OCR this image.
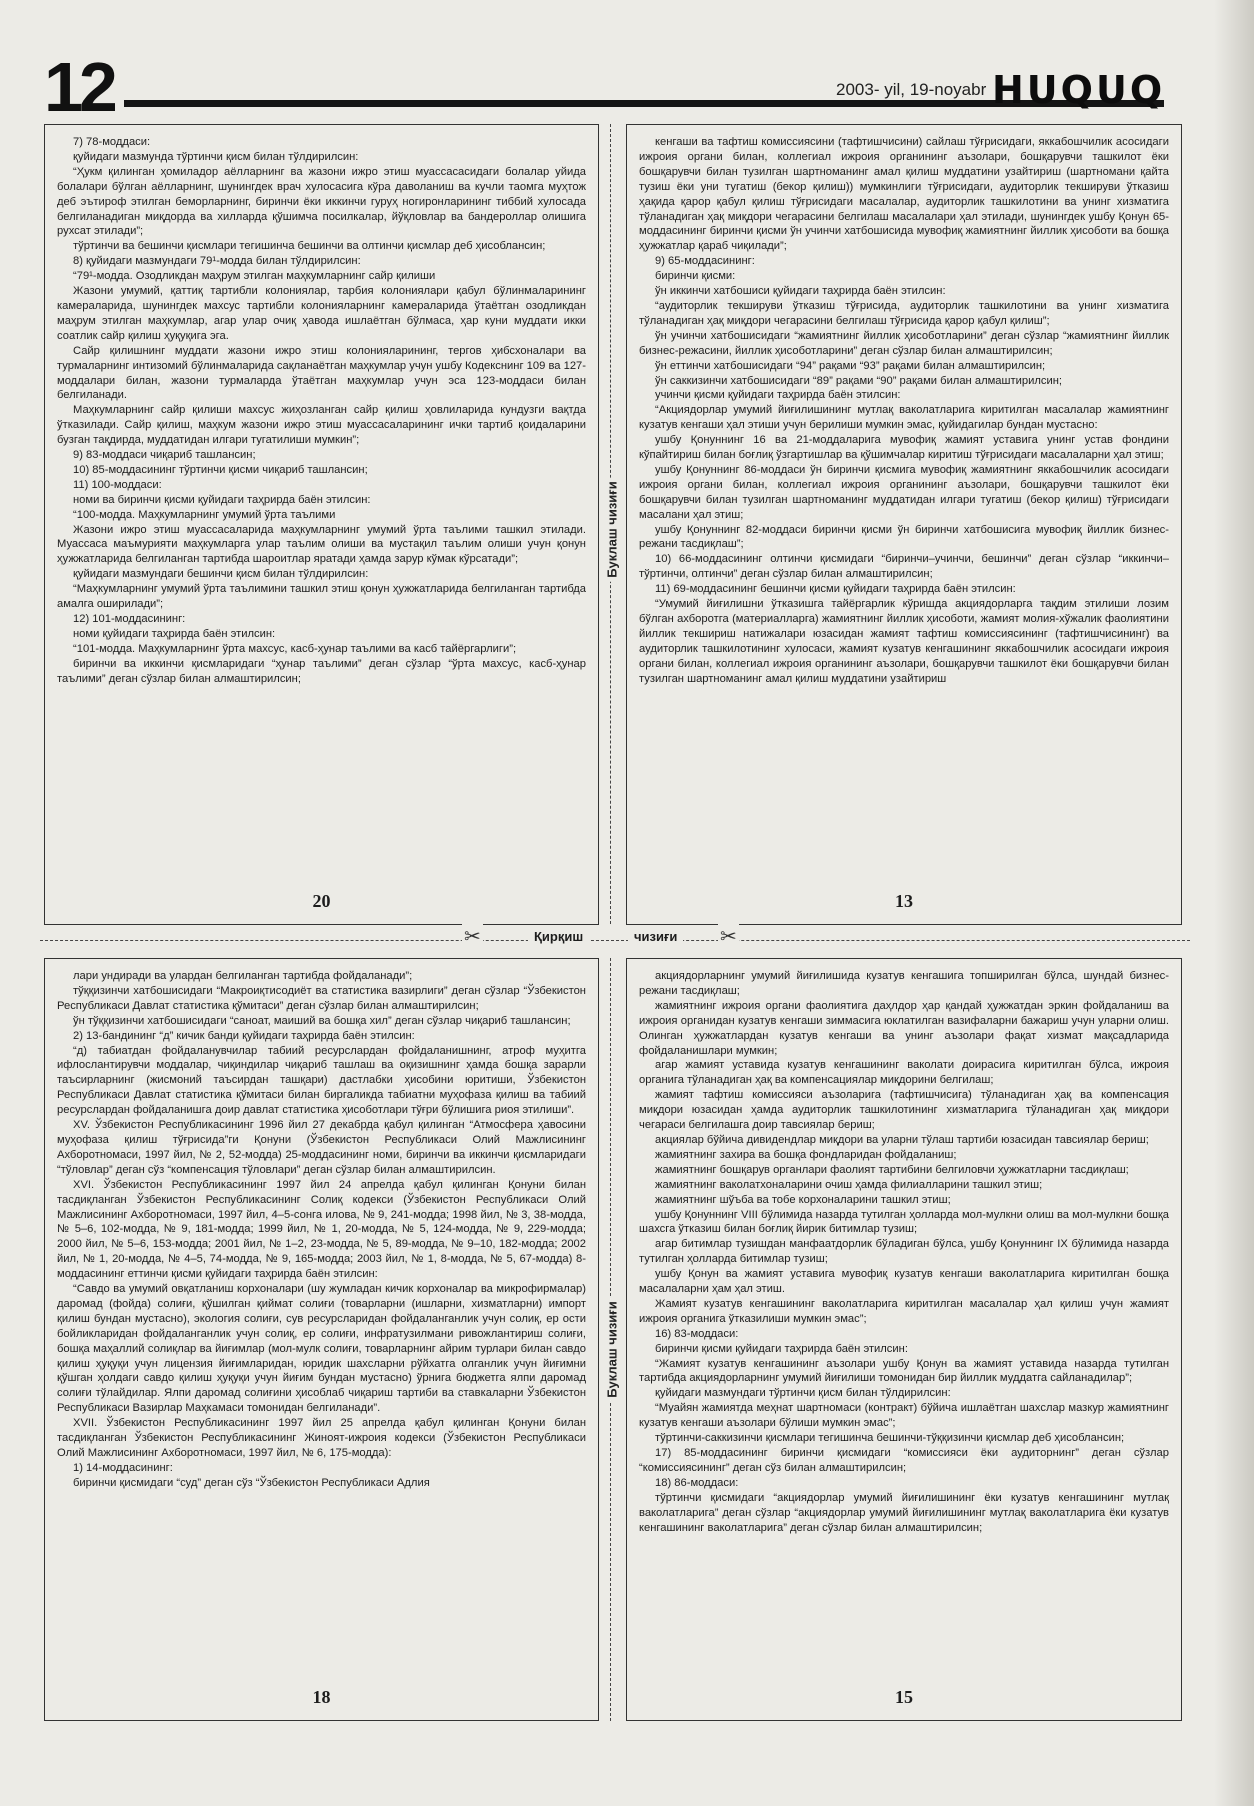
12	2003- yil, 19-noyabr HUQUQ

7) 78-моддаси:

қуйидаги мазмунда тўртинчи қисм билан тўлдирилсин:

“Ҳукм қилинган ҳомиладор аёлларнинг ва жазони ижро этиш муассасасидаги болалар уйида болалари бўлган аёлларнинг, шунингдек врач хулосасига кўра даволаниш ва кучли таомга муҳтож деб эътироф этилган беморларнинг, биринчи ёки иккинчи гуруҳ ногиронларининг тиббий хулосада белгиланадиган миқдорда ва хилларда қўшимча посилкалар, йўқловлар ва бандероллар олишига рухсат этилади”;

тўртинчи ва бешинчи қисмлари тегишинча бешинчи ва олтинчи қисмлар деб ҳисоблансин;

8) қуйидаги мазмундаги 79¹-модда билан тўлдирилсин:

“79¹-модда. Озодликдан маҳрум этилган маҳкумларнинг сайр қилиши

Жазони умумий, қаттиқ тартибли колониялар, тарбия колониялари қабул бўлинмаларининг камераларида, шунингдек махсус тартибли колонияларнинг камераларида ўтаётган озодликдан маҳрум этилган маҳкумлар, агар улар очиқ ҳавода ишлаётган бўлмаса, ҳар куни муддати икки соатлик сайр қилиш ҳуқуқига эга.

Сайр қилишнинг муддати жазони ижро этиш колонияларининг, тергов ҳибсхоналари ва турмаларнинг интизомий бўлинмаларида сақланаётган маҳкумлар учун ушбу Кодекснинг 109 ва 127-моддалари билан, жазони турмаларда ўтаётган маҳкумлар учун эса 123-моддаси билан белгиланади.

Маҳкумларнинг сайр қилиши махсус жиҳозланган сайр қилиш ҳовлиларида кундузги вақтда ўтказилади. Сайр қилиш, маҳкум жазони ижро этиш муассасаларининг ички тартиб қоидаларини бузган тақдирда, муддатидан илгари тугатилиши мумкин”;

9) 83-моддаси чиқариб ташлансин;

10) 85-моддасининг тўртинчи қисми чиқариб ташлансин;

11) 100-моддаси:

номи ва биринчи қисми қуйидаги таҳрирда баён этилсин:

“100-модда. Маҳкумларнинг умумий ўрта таълими

Жазони ижро этиш муассасаларида маҳкумларнинг умумий ўрта таълими ташкил этилади. Муассаса маъмурияти маҳкумларга улар таълим олиши ва мустақил таълим олиши учун қонун ҳужжатларида белгиланган тартибда шароитлар яратади ҳамда зарур кўмак кўрсатади”;

қуйидаги мазмундаги бешинчи қисм билан тўлдирилсин:

“Маҳкумларнинг умумий ўрта таълимини ташкил этиш қонун ҳужжатларида белгиланган тартибда амалга оширилади”;

12) 101-моддасининг:

номи қуйидаги таҳрирда баён этилсин:

“101-модда. Маҳкумларнинг ўрта махсус, касб-ҳунар таълими ва касб тайёргарлиги”;

биринчи ва иккинчи қисмларидаги “ҳунар таълими” деган сўзлар “ўрта махсус, касб-ҳунар таълими” деган сўзлар билан алмаштирилсин;

20

кенгаши ва тафтиш комиссиясини (тафтишчисини) сайлаш тўғрисидаги, яккабошчилик асосидаги ижроия органи билан, коллегиал ижроия органининг аъзолари, бошқарувчи ташкилот ёки бошқарувчи билан тузилган шартноманинг амал қилиш муддатини узайтириш (шартномани қайта тузиш ёки уни тугатиш (бекор қилиш)) мумкинлиги тўғрисидаги, аудиторлик текшируви ўтказиш ҳақида қарор қабул қилиш тўғрисидаги масалалар, аудиторлик ташкилотини ва унинг хизматига тўланадиган ҳақ миқдори чегарасини белгилаш масалалари ҳал этилади, шунингдек ушбу Қонун 65-моддасининг биринчи қисми ўн учинчи хатбошисида мувофиқ жамиятнинг йиллик ҳисоботи ва бошқа ҳужжатлар қараб чиқилади”;

9) 65-моддасининг:

биринчи қисми:

ўн иккинчи хатбошиси қуйидаги таҳрирда баён этилсин:

“аудиторлик текшируви ўтказиш тўғрисида, аудиторлик ташкилотини ва унинг хизматига тўланадиган ҳақ миқдори чегарасини белгилаш тўғрисида қарор қабул қилиш”;

ўн учинчи хатбошисидаги “жамиятнинг йиллик ҳисоботларини” деган сўзлар “жамиятнинг йиллик бизнес-режасини, йиллик ҳисоботларини” деган сўзлар билан алмаштирилсин;

ўн еттинчи хатбошисидаги “94” рақами “93” рақами билан алмаштирилсин;

ўн саккизинчи хатбошисидаги “89” рақами “90” рақами билан алмаштирилсин;

учинчи қисми қуйидаги таҳрирда баён этилсин:

“Акциядорлар умумий йиғилишининг мутлақ ваколатларига киритилган масалалар жамиятнинг кузатув кенгаши ҳал этиши учун берилиши мумкин эмас, қуйидагилар бундан мустасно:

ушбу Қонуннинг 16 ва 21-моддаларига мувофиқ жамият уставига унинг устав фондини кўпайтириш билан боғлиқ ўзгартишлар ва қўшимчалар киритиш тўғрисидаги масалаларни ҳал этиш;

ушбу Қонуннинг 86-моддаси ўн биринчи қисмига мувофиқ жамиятнинг яккабошчилик асосидаги ижроия органи билан, коллегиал ижроия органининг аъзолари, бошқарувчи ташкилот ёки бошқарувчи билан тузилган шартноманинг муддатидан илгари тугатиш (бекор қилиш) тўғрисидаги масалани ҳал этиш;

ушбу Қонуннинг 82-моддаси биринчи қисми ўн биринчи хатбошисига мувофиқ йиллик бизнес-режани тасдиқлаш”;

10) 66-моддасининг олтинчи қисмидаги “биринчи–учинчи, бешинчи” деган сўзлар “иккинчи–тўртинчи, олтинчи” деган сўзлар билан алмаштирилсин;

11) 69-моддасининг бешинчи қисми қуйидаги таҳрирда баён этилсин:

“Умумий йиғилишни ўтказишга тайёргарлик кўришда акциядорларга тақдим этилиши лозим бўлган ахборотга (материалларга) жамиятнинг йиллик ҳисоботи, жамият молия-хўжалик фаолиятини йиллик текшириш натижалари юзасидан жамият тафтиш комиссиясининг (тафтишчисининг) ва аудиторлик ташкилотининг хулосаси, жамият кузатув кенгашининг яккабошчилик асосидаги ижроия органи билан, коллегиал ижроия органининг аъзолари, бошқарувчи ташкилот ёки бошқарувчи билан тузилган шартноманинг амал қилиш муддатини узайтириш

13

лари ундиради ва улардан белгиланган тартибда фойдаланади”;

тўққизинчи хатбошисидаги “Макроиқтисодиёт ва статистика вазирлиги” деган сўзлар “Ўзбекистон Республикаси Давлат статистика қўмитаси” деган сўзлар билан алмаштирилсин;

ўн тўққизинчи хатбошисидаги “саноат, маиший ва бошқа хил” деган сўзлар чиқариб ташлансин;

2) 13-бандининг “д” кичик банди қуйидаги таҳрирда баён этилсин:

“д) табиатдан фойдаланувчилар табиий ресурслардан фойдаланишнинг, атроф муҳитга ифлослантирувчи моддалар, чиқиндилар чиқариб ташлаш ва оқизишнинг ҳамда бошқа зарарли таъсирларнинг (жисмоний таъсирдан ташқари) дастлабки ҳисобини юритиши, Ўзбекистон Республикаси Давлат статистика қўмитаси билан биргаликда табиатни муҳофаза қилиш ва табиий ресурслардан фойдаланишга доир давлат статистика ҳисоботлари тўғри бўлишига риоя этилиши”.

XV. Ўзбекистон Республикасининг 1996 йил 27 декабрда қабул қилинган “Атмосфера ҳавосини муҳофаза қилиш тўғрисида”ги Қонуни (Ўзбекистон Республикаси Олий Мажлисининг Ахборотномаси, 1997 йил, № 2, 52-модда) 25-моддасининг номи, биринчи ва иккинчи қисмларидаги “тўловлар” деган сўз “компенсация тўловлари” деган сўзлар билан алмаштирилсин.

XVI. Ўзбекистон Республикасининг 1997 йил 24 апрелда қабул қилинган Қонуни билан тасдиқланган Ўзбекистон Республикасининг Солиқ кодекси (Ўзбекистон Республикаси Олий Мажлисининг Ахборотномаси, 1997 йил, 4–5-сонга илова, № 9, 241-модда; 1998 йил, № 3, 38-модда, № 5–6, 102-модда, № 9, 181-модда; 1999 йил, № 1, 20-модда, № 5, 124-модда, № 9, 229-модда; 2000 йил, № 5–6, 153-модда; 2001 йил, № 1–2, 23-модда, № 5, 89-модда, № 9–10, 182-модда; 2002 йил, № 1, 20-модда, № 4–5, 74-модда, № 9, 165-модда; 2003 йил, № 1, 8-модда, № 5, 67-модда) 8-моддасининг еттинчи қисми қуйидаги таҳрирда баён этилсин:

“Савдо ва умумий овқатланиш корхоналари (шу жумладан кичик корхоналар ва микрофирмалар) даромад (фойда) солиғи, қўшилган қиймат солиғи (товарларни (ишларни, хизматларни) импорт қилиш бундан мустасно), экология солиғи, сув ресурсларидан фойдаланганлик учун солиқ, ер ости бойликларидан фойдаланганлик учун солиқ, ер солиғи, инфратузилмани ривожлантириш солиғи, бошқа маҳаллий солиқлар ва йиғимлар (мол-мулк солиғи, товарларнинг айрим турлари билан савдо қилиш ҳуқуқи учун лицензия йиғимларидан, юридик шахсларни рўйхатга олганлик учун йиғимни қўшган ҳолдаги савдо қилиш ҳуқуқи учун йиғим бундан мустасно) ўрнига бюджетга ялпи даромад солиғи тўлайдилар. Ялпи даромад солиғини ҳисоблаб чиқариш тартиби ва ставкаларни Ўзбекистон Республикаси Вазирлар Маҳкамаси томонидан белгиланади”.

XVII. Ўзбекистон Республикасининг 1997 йил 25 апрелда қабул қилинган Қонуни билан тасдиқланган Ўзбекистон Республикасининг Жиноят-ижроия кодекси (Ўзбекистон Республикаси Олий Мажлисининг Ахборотномаси, 1997 йил, № 6, 175-модда):

1) 14-моддасининг:

биринчи қисмидаги “суд” деган сўз “Ўзбекистон Республикаси Адлия

18

акциядорларнинг умумий йиғилишида кузатув кенгашига топширилган бўлса, шундай бизнес-режани тасдиқлаш;

жамиятнинг ижроия органи фаолиятига даҳлдор ҳар қандай ҳужжатдан эркин фойдаланиш ва ижроия органидан кузатув кенгаши зиммасига юклатилган вазифаларни бажариш учун уларни олиш. Олинган ҳужжатлардан кузатув кенгаши ва унинг аъзолари фақат хизмат мақсадларида фойдаланишлари мумкин;

агар жамият уставида кузатув кенгашининг ваколати доирасига киритилган бўлса, ижроия органига тўланадиган ҳақ ва компенсациялар миқдорини белгилаш;

жамият тафтиш комиссияси аъзоларига (тафтишчисига) тўланадиган ҳақ ва компенсация миқдори юзасидан ҳамда аудиторлик ташкилотининг хизматларига тўланадиган ҳақ миқдори чегараси белгилашга доир тавсиялар бериш;

акциялар бўйича дивидендлар миқдори ва уларни тўлаш тартиби юзасидан тавсиялар бериш;

жамиятнинг захира ва бошқа фондларидан фойдаланиш;

жамиятнинг бошқарув органлари фаолият тартибини белгиловчи ҳужжатларни тасдиқлаш;

жамиятнинг ваколатхоналарини очиш ҳамда филиалларини ташкил этиш;

жамиятнинг шўъба ва тобе корхоналарини ташкил этиш;

ушбу Қонуннинг VIII бўлимида назарда тутилган ҳолларда мол-мулкни олиш ва мол-мулкни бошқа шахсга ўтказиш билан боғлиқ йирик битимлар тузиш;

агар битимлар тузишдан манфаатдорлик бўладиган бўлса, ушбу Қонуннинг IX бўлимида назарда тутилган ҳолларда битимлар тузиш;

ушбу Қонун ва жамият уставига мувофиқ кузатув кенгаши ваколатларига киритилган бошқа масалаларни ҳам ҳал этиш.

Жамият кузатув кенгашининг ваколатларига киритилган масалалар ҳал қилиш учун жамият ижроия органига ўтказилиши мумкин эмас”;

16) 83-моддаси:

биринчи қисми қуйидаги таҳрирда баён этилсин:

“Жамият кузатув кенгашининг аъзолари ушбу Қонун ва жамият уставида назарда тутилган тартибда акциядорларнинг умумий йиғилиши томонидан бир йиллик муддатга сайланадилар”;

қуйидаги мазмундаги тўртинчи қисм билан тўлдирилсин:

“Муайян жамиятда меҳнат шартномаси (контракт) бўйича ишлаётган шахслар мазкур жамиятнинг кузатув кенгаши аъзолари бўлиши мумкин эмас”;

тўртинчи-саккизинчи қисмлари тегишинча бешинчи-тўққизинчи қисмлар деб ҳисоблансин;

17) 85-моддасининг биринчи қисмидаги “комиссияси ёки аудиторнинг” деган сўзлар “комиссиясининг” деган сўз билан алмаштирилсин;

18) 86-моддаси:

тўртинчи қисмидаги “акциядорлар умумий йиғилишининг ёки кузатув кенгашининг мутлақ ваколатларига” деган сўзлар “акциядорлар умумий йиғилишининг мутлақ ваколатларига ёки кузатув кенгашининг ваколатларига” деган сўзлар билан алмаштирилсин;

15
Буклаш чизиғи
Буклаш чизиғи
✂	Қирқиш	чизиғи	✂
